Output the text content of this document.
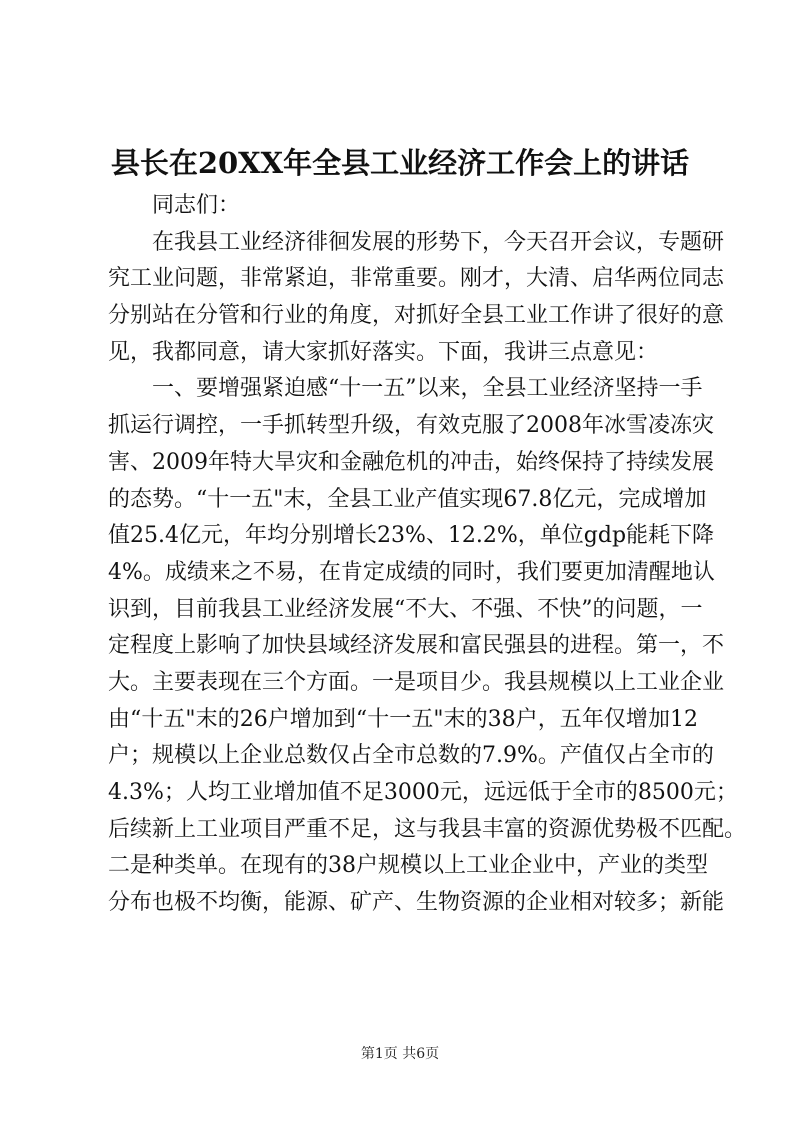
县长在20XX年全县工业经济工作会上的讲话
同志们：
在我县工业经济徘徊发展的形势下，今天召开会议，专题研
究工业问题，非常紧迫，非常重要。刚才，大清、启华两位同志
分别站在分管和行业的角度，对抓好全县工业工作讲了很好的意
见，我都同意，请大家抓好落实。下面，我讲三点意见：
一、要增强紧迫感“十一五”以来，全县工业经济坚持一手
抓运行调控，一手抓转型升级，有效克服了2008年冰雪凌冻灾
害、2009年特大旱灾和金融危机的冲击，始终保持了持续发展
的态势。“十一五"末，全县工业产值实现67.8亿元，完成增加
值25.4亿元，年均分别增长23%、12.2%，单位gdp能耗下降
4%。成绩来之不易，在肯定成绩的同时，我们要更加清醒地认
识到，目前我县工业经济发展“不大、不强、不快”的问题，一
定程度上影响了加快县域经济发展和富民强县的进程。第一，不
大。主要表现在三个方面。一是项目少。我县规模以上工业企业
由“十五"末的26户增加到“十一五"末的38户，五年仅增加12
户；规模以上企业总数仅占全市总数的7.9%。产值仅占全市的
4.3%；人均工业增加值不足3000元，远远低于全市的8500元；
后续新上工业项目严重不足，这与我县丰富的资源优势极不匹配。
二是种类单。在现有的38户规模以上工业企业中，产业的类型
分布也极不均衡，能源、矿产、生物资源的企业相对较多；新能
第1页 共6页
